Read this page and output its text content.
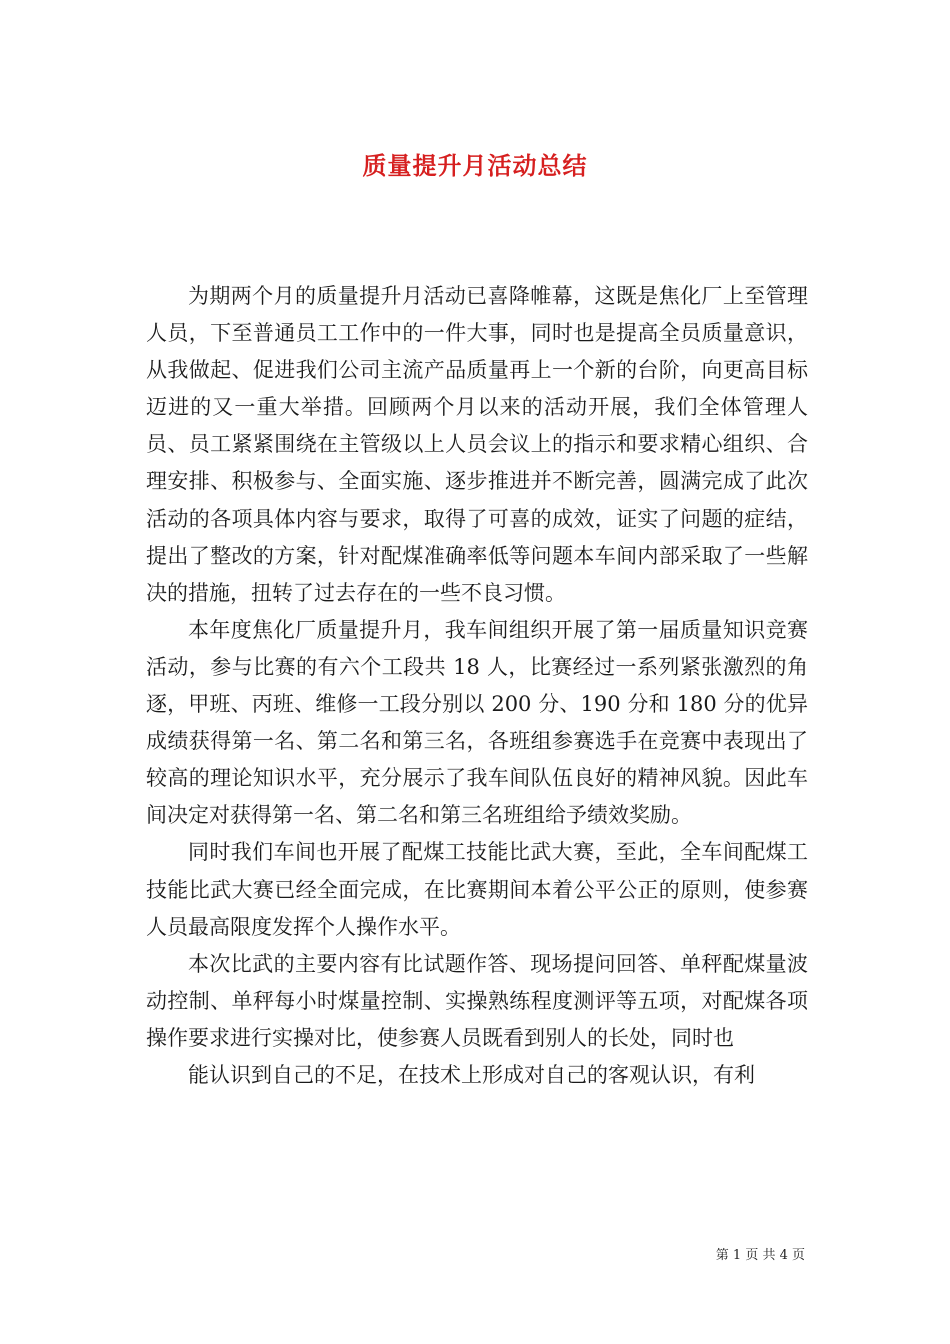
质量提升月活动总结

为期两个月的质量提升月活动已喜降帷幕，这既是焦化厂上至管理人员，下至普通员工工作中的一件大事，同时也是提高全员质量意识，从我做起、促进我们公司主流产品质量再上一个新的台阶，向更高目标迈进的又一重大举措。回顾两个月以来的活动开展，我们全体管理人员、员工紧紧围绕在主管级以上人员会议上的指示和要求精心组织、合理安排、积极参与、全面实施、逐步推进并不断完善，圆满完成了此次活动的各项具体内容与要求，取得了可喜的成效，证实了问题的症结，提出了整改的方案，针对配煤准确率低等问题本车间内部采取了一些解决的措施，扭转了过去存在的一些不良习惯。

本年度焦化厂质量提升月，我车间组织开展了第一届质量知识竞赛活动，参与比赛的有六个工段共 18 人，比赛经过一系列紧张激烈的角逐，甲班、丙班、维修一工段分别以 200 分、190 分和 180 分的优异成绩获得第一名、第二名和第三名，各班组参赛选手在竞赛中表现出了较高的理论知识水平，充分展示了我车间队伍良好的精神风貌。因此车间决定对获得第一名、第二名和第三名班组给予绩效奖励。

同时我们车间也开展了配煤工技能比武大赛，至此，全车间配煤工技能比武大赛已经全面完成，在比赛期间本着公平公正的原则，使参赛人员最高限度发挥个人操作水平。

本次比武的主要内容有比试题作答、现场提问回答、单秤配煤量波动控制、单秤每小时煤量控制、实操熟练程度测评等五项，对配煤各项操作要求进行实操对比，使参赛人员既看到别人的长处，同时也

能认识到自己的不足，在技术上形成对自己的客观认识，有利

第 1 页 共 4 页
